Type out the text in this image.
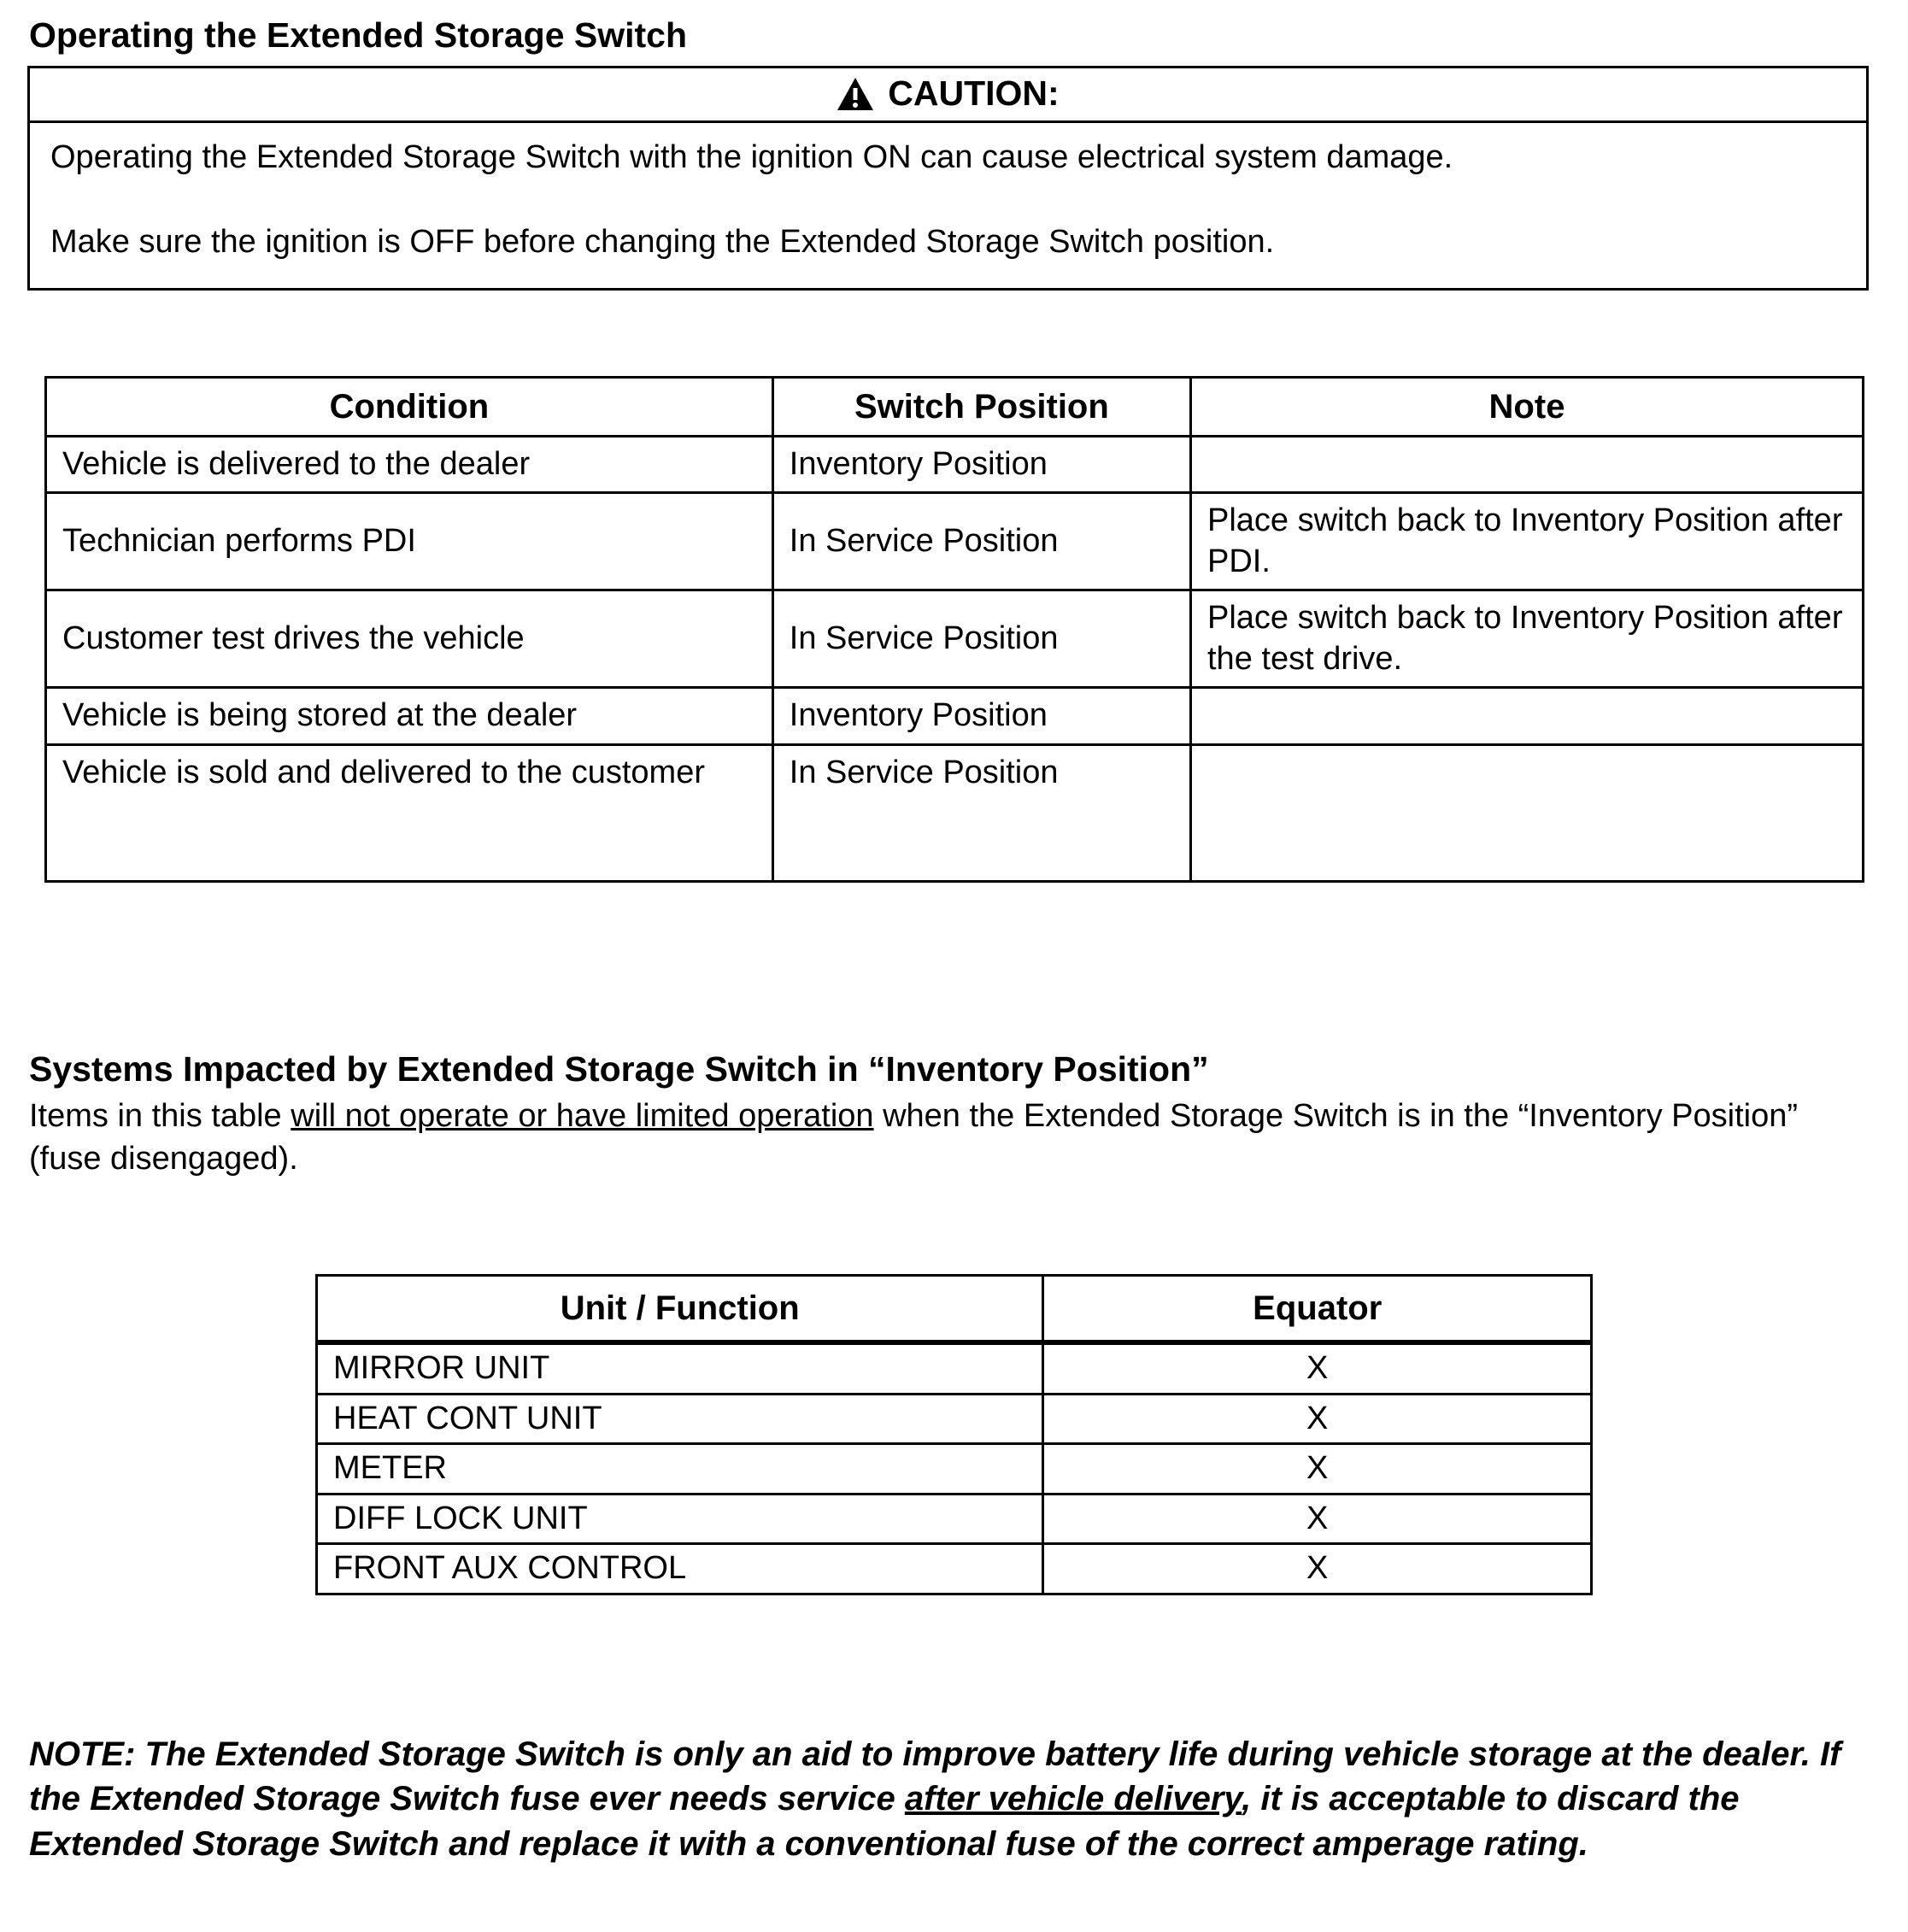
Operating the Extended Storage Switch
CAUTION:

Operating the Extended Storage Switch with the ignition ON can cause electrical system damage.

Make sure the ignition is OFF before changing the Extended Storage Switch position.

Condition	Switch Position	Note
Vehicle is delivered to the dealer	Inventory Position	
Technician performs PDI	In Service Position	Place switch back to Inventory Position after PDI.
Customer test drives the vehicle	In Service Position	Place switch back to Inventory Position after the test drive.
Vehicle is being stored at the dealer	Inventory Position	
Vehicle is sold and delivered to the customer	In Service Position	
Systems Impacted by Extended Storage Switch in “Inventory Position”

Items in this table will not operate or have limited operation when the Extended Storage Switch is in the “Inventory Position” (fuse disengaged).

Unit / Function	Equator
MIRROR UNIT	X
HEAT CONT UNIT	X
METER	X
DIFF LOCK UNIT	X
FRONT AUX CONTROL	X

NOTE: The Extended Storage Switch is only an aid to improve battery life during vehicle storage at the dealer. If the Extended Storage Switch fuse ever needs service after vehicle delivery, it is acceptable to discard the Extended Storage Switch and replace it with a conventional fuse of the correct amperage rating.
